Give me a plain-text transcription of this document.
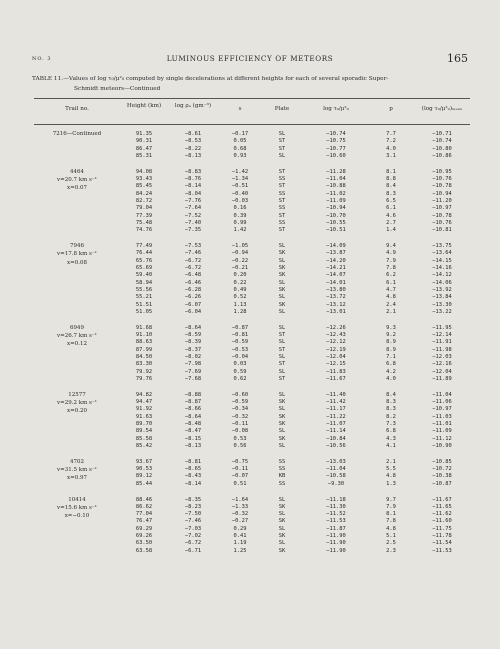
NO. 3	LUMINOUS EFFICIENCY OF METEORS	165
TABLE 11.—Values of log τ₀/μ²₀ computed by single decelerations at different heights for each of several sporadic Super-
Schmidt meteors—Continued
Trail no.	Height (km)	log ρₐ (gm⁻³)	s	Plate	log τ₀/μ²₀	p	(log τ₀/μ²₀)ₘₑₐₙ
7216—Continued	91.35	−8.61	−0.17	SL	−10.74	7.7	−10.71
90.31	−8.53	0.05	ST	−10.75	7.2	−10.74
86.47	−8.22	0.68	ST	−10.77	4.0	−10.80
85.31	−8.13	0.93	SL	−10.60	3.1	−10.86
4464
v=20.7 km s⁻¹
x=0.07
94.08	−8.83	−1.42	ST	−11.28	8.1	−10.95
93.43	−8.76	−1.34	SS	−11.04	8.8	−10.76
85.45	−8.14	−0.51	ST	−10.88	8.4	−10.78
84.24	−8.04	−0.40	SS	−11.02	8.3	−10.94
82.72	−7.76	−0.03	ST	−11.09	6.5	−11.20
79.04	−7.64	0.16	SS	−10.94	6.1	−10.97
77.39	−7.52	0.39	ST	−10.70	4.6	−10.78
75.48	−7.40	0.99	SS	−10.55	2.7	−10.76
74.76	−7.35	1.42	ST	−10.51	1.4	−10.81
7946
v=17.8 km s⁻¹
x=0.08
77.49	−7.53	−1.05	SL	−14.09	9.4	−13.75
76.44	−7.46	−0.94	SK	−13.87	4.9	−13.64
65.76	−6.72	−0.22	SL	−14.20	7.9	−14.15
65.69	−6.72	−0.21	SK	−14.21	7.8	−14.16
59.40	−6.48	0.20	SK	−14.07	6.2	−14.12
58.94	−6.46	0.22	SL	−14.01	6.1	−14.06
55.56	−6.28	0.49	SK	−13.80	4.7	−13.92
55.21	−6.26	0.52	SL	−13.72	4.8	−13.84
51.51	−6.07	1.13	SK	−13.12	2.4	−13.30
51.05	−6.04	1.28	SL	−13.01	2.1	−13.22
6949
v=26.7 km s⁻¹
x=0.12
91.68	−8.64	−0.87	SL	−12.26	9.3	−11.95
91.10	−8.59	−0.81	ST	−12.43	9.2	−12.14
88.63	−8.39	−0.59	SL	−12.12	8.9	−11.91
87.99	−8.37	−0.53	ST	−12.19	8.9	−11.98
84.50	−8.02	−0.04	SL	−12.04	7.1	−12.03
83.30	−7.98	0.03	ST	−12.15	6.8	−12.16
79.92	−7.69	0.59	SL	−11.83	4.2	−12.04
79.76	−7.68	0.62	ST	−11.67	4.0	−11.89
12577
v=29.2 km s⁻¹
x=0.20
94.82	−8.88	−0.60	SL	−11.40	8.4	−11.04
94.47	−8.87	−0.59	SK	−11.42	8.3	−11.06
91.92	−8.66	−0.34	SL	−11.17	8.3	−10.97
91.63	−8.64	−0.32	SK	−11.22	8.2	−11.03
89.70	−8.48	−0.11	SK	−11.07	7.3	−11.01
89.54	−8.47	−0.08	SL	−11.14	6.8	−11.09
85.58	−8.15	0.53	SK	−10.84	4.3	−11.12
85.42	−8.13	0.56	SL	−10.56	4.1	−10.90
4702
v=31.5 km s⁻¹
x=0.97
93.67	−8.81	−0.75	SS	−13.03	2.1	−10.85
90.53	−8.65	−0.11	SS	−11.04	5.5	−10.72
89.12	−8.43	−0.07	KB	−10.58	4.8	−10.38
85.44	−8.14	0.51	SS	−9.30	1.3	−10.87
10414
v=15.6 km s⁻¹
x=−0.10
88.46	−8.35	−1.64	SL	−11.18	9.7	−11.67
86.62	−8.23	−1.33	SK	−11.30	7.9	−11.65
77.04	−7.50	−0.32	SL	−11.52	8.1	−11.62
76.47	−7.46	−0.27	SK	−11.53	7.8	−11.60
69.29	−7.03	0.29	SL	−11.87	4.8	−11.75
69.26	−7.02	0.41	SK	−11.90	5.1	−11.78
63.50	−6.72	1.19	SL	−11.90	2.5	−11.54
63.58	−6.71	1.25	SK	−11.90	2.3	−11.53
